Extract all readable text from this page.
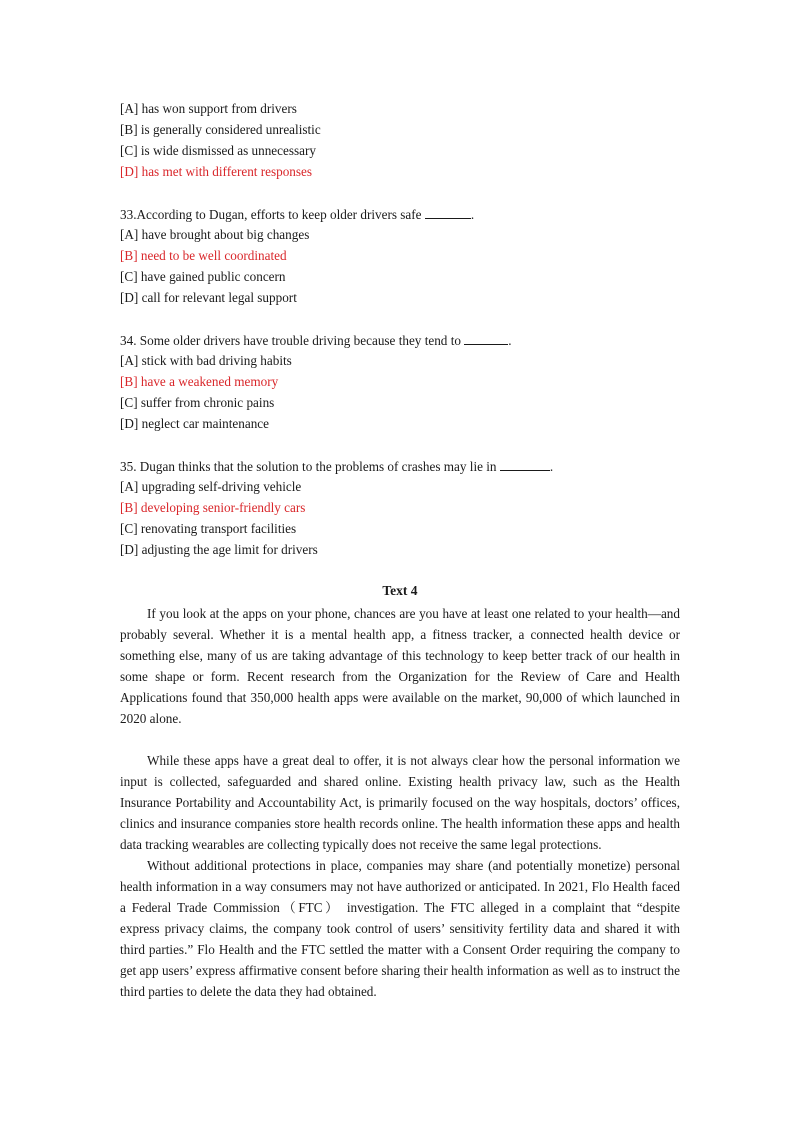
[A] has won support from drivers
[B] is generally considered unrealistic
[C] is wide dismissed as unnecessary
[D] has met with different responses
33.According to Dugan, efforts to keep older drivers safe	.
[A] have brought about big changes
[B] need to be well coordinated
[C] have gained public concern
[D] call for relevant legal support
34. Some older drivers have trouble driving because they tend to	.
[A] stick with bad driving habits
[B] have a weakened memory
[C] suffer from chronic pains
[D] neglect car maintenance
35. Dugan thinks that the solution to the problems of crashes may lie in	.
[A] upgrading self-driving vehicle
[B] developing senior-friendly cars
[C] renovating transport facilities
[D] adjusting the age limit for drivers
Text 4

If you look at the apps on your phone, chances are you have at least one related to your health—and probably several. Whether it is a mental health app, a fitness tracker, a connected health device or something else, many of us are taking advantage of this technology to keep better track of our health in some shape or form. Recent research from the Organization for the Review of Care and Health Applications found that 350,000 health apps were available on the market, 90,000 of which launched in 2020 alone.

While these apps have a great deal to offer, it is not always clear how the personal information we input is collected, safeguarded and shared online. Existing health privacy law, such as the Health Insurance Portability and Accountability Act, is primarily focused on the way hospitals, doctors’ offices, clinics and insurance companies store health records online. The health information these apps and health data tracking wearables are collecting typically does not receive the same legal protections.

Without additional protections in place, companies may share (and potentially monetize) personal health information in a way consumers may not have authorized or anticipated. In 2021, Flo Health faced a Federal Trade Commission（FTC） investigation. The FTC alleged in a complaint that “despite express privacy claims, the company took control of users’ sensitivity fertility data and shared it with third parties.” Flo Health and the FTC settled the matter with a Consent Order requiring the company to get app users’ express affirmative consent before sharing their health information as well as to instruct the third parties to delete the data they had obtained.
